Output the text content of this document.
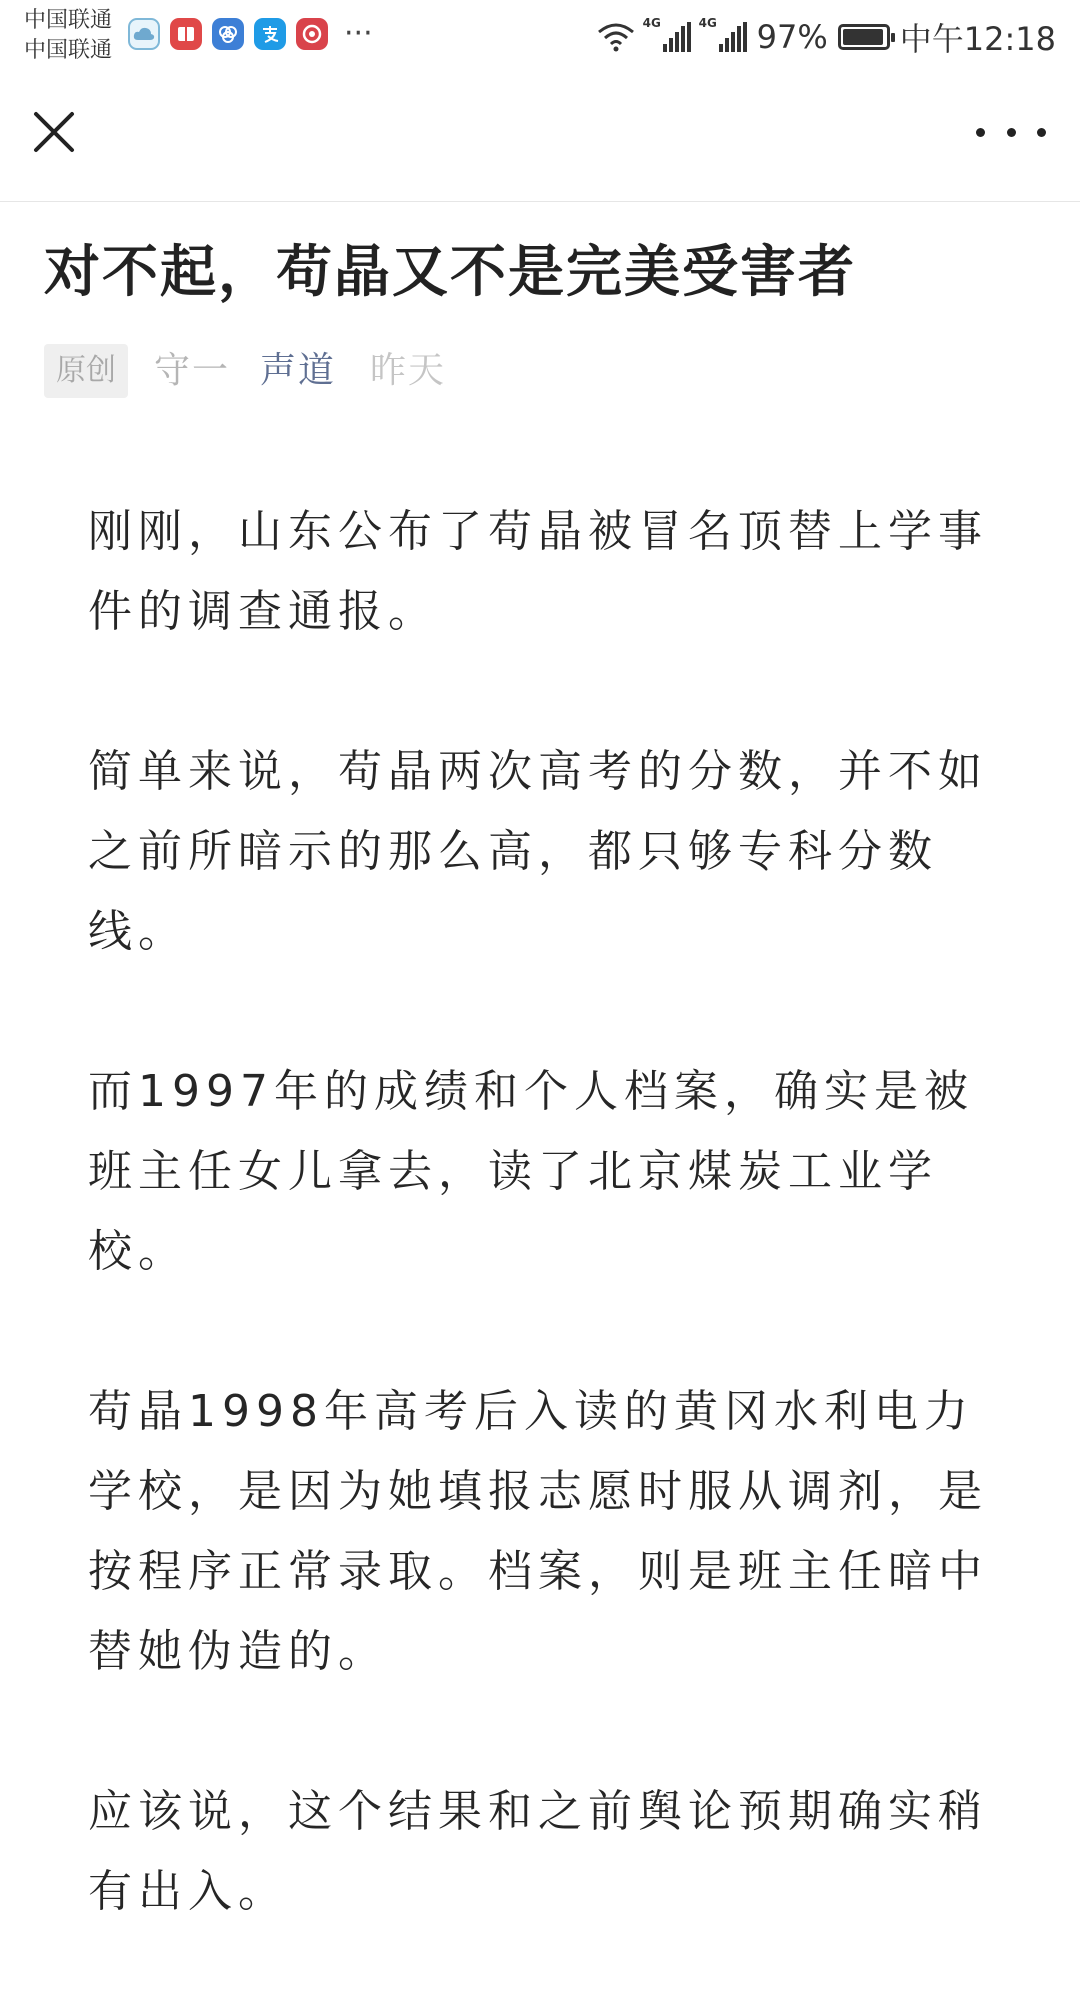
中国联通
中国联通	···	4G	4G 97% 中午12:18
对不起，苟晶又不是完美受害者
原创	守一 声道 昨天

刚刚，山东公布了苟晶被冒名顶替上学事件的调查通报。

简单来说，苟晶两次高考的分数，并不如之前所暗示的那么高，都只够专科分数线。

而1997年的成绩和个人档案，确实是被班主任女儿拿去，读了北京煤炭工业学校。

苟晶1998年高考后入读的黄冈水利电力学校，是因为她填报志愿时服从调剂，是按程序正常录取。档案，则是班主任暗中替她伪造的。

应该说，这个结果和之前舆论预期确实稍有出入。
